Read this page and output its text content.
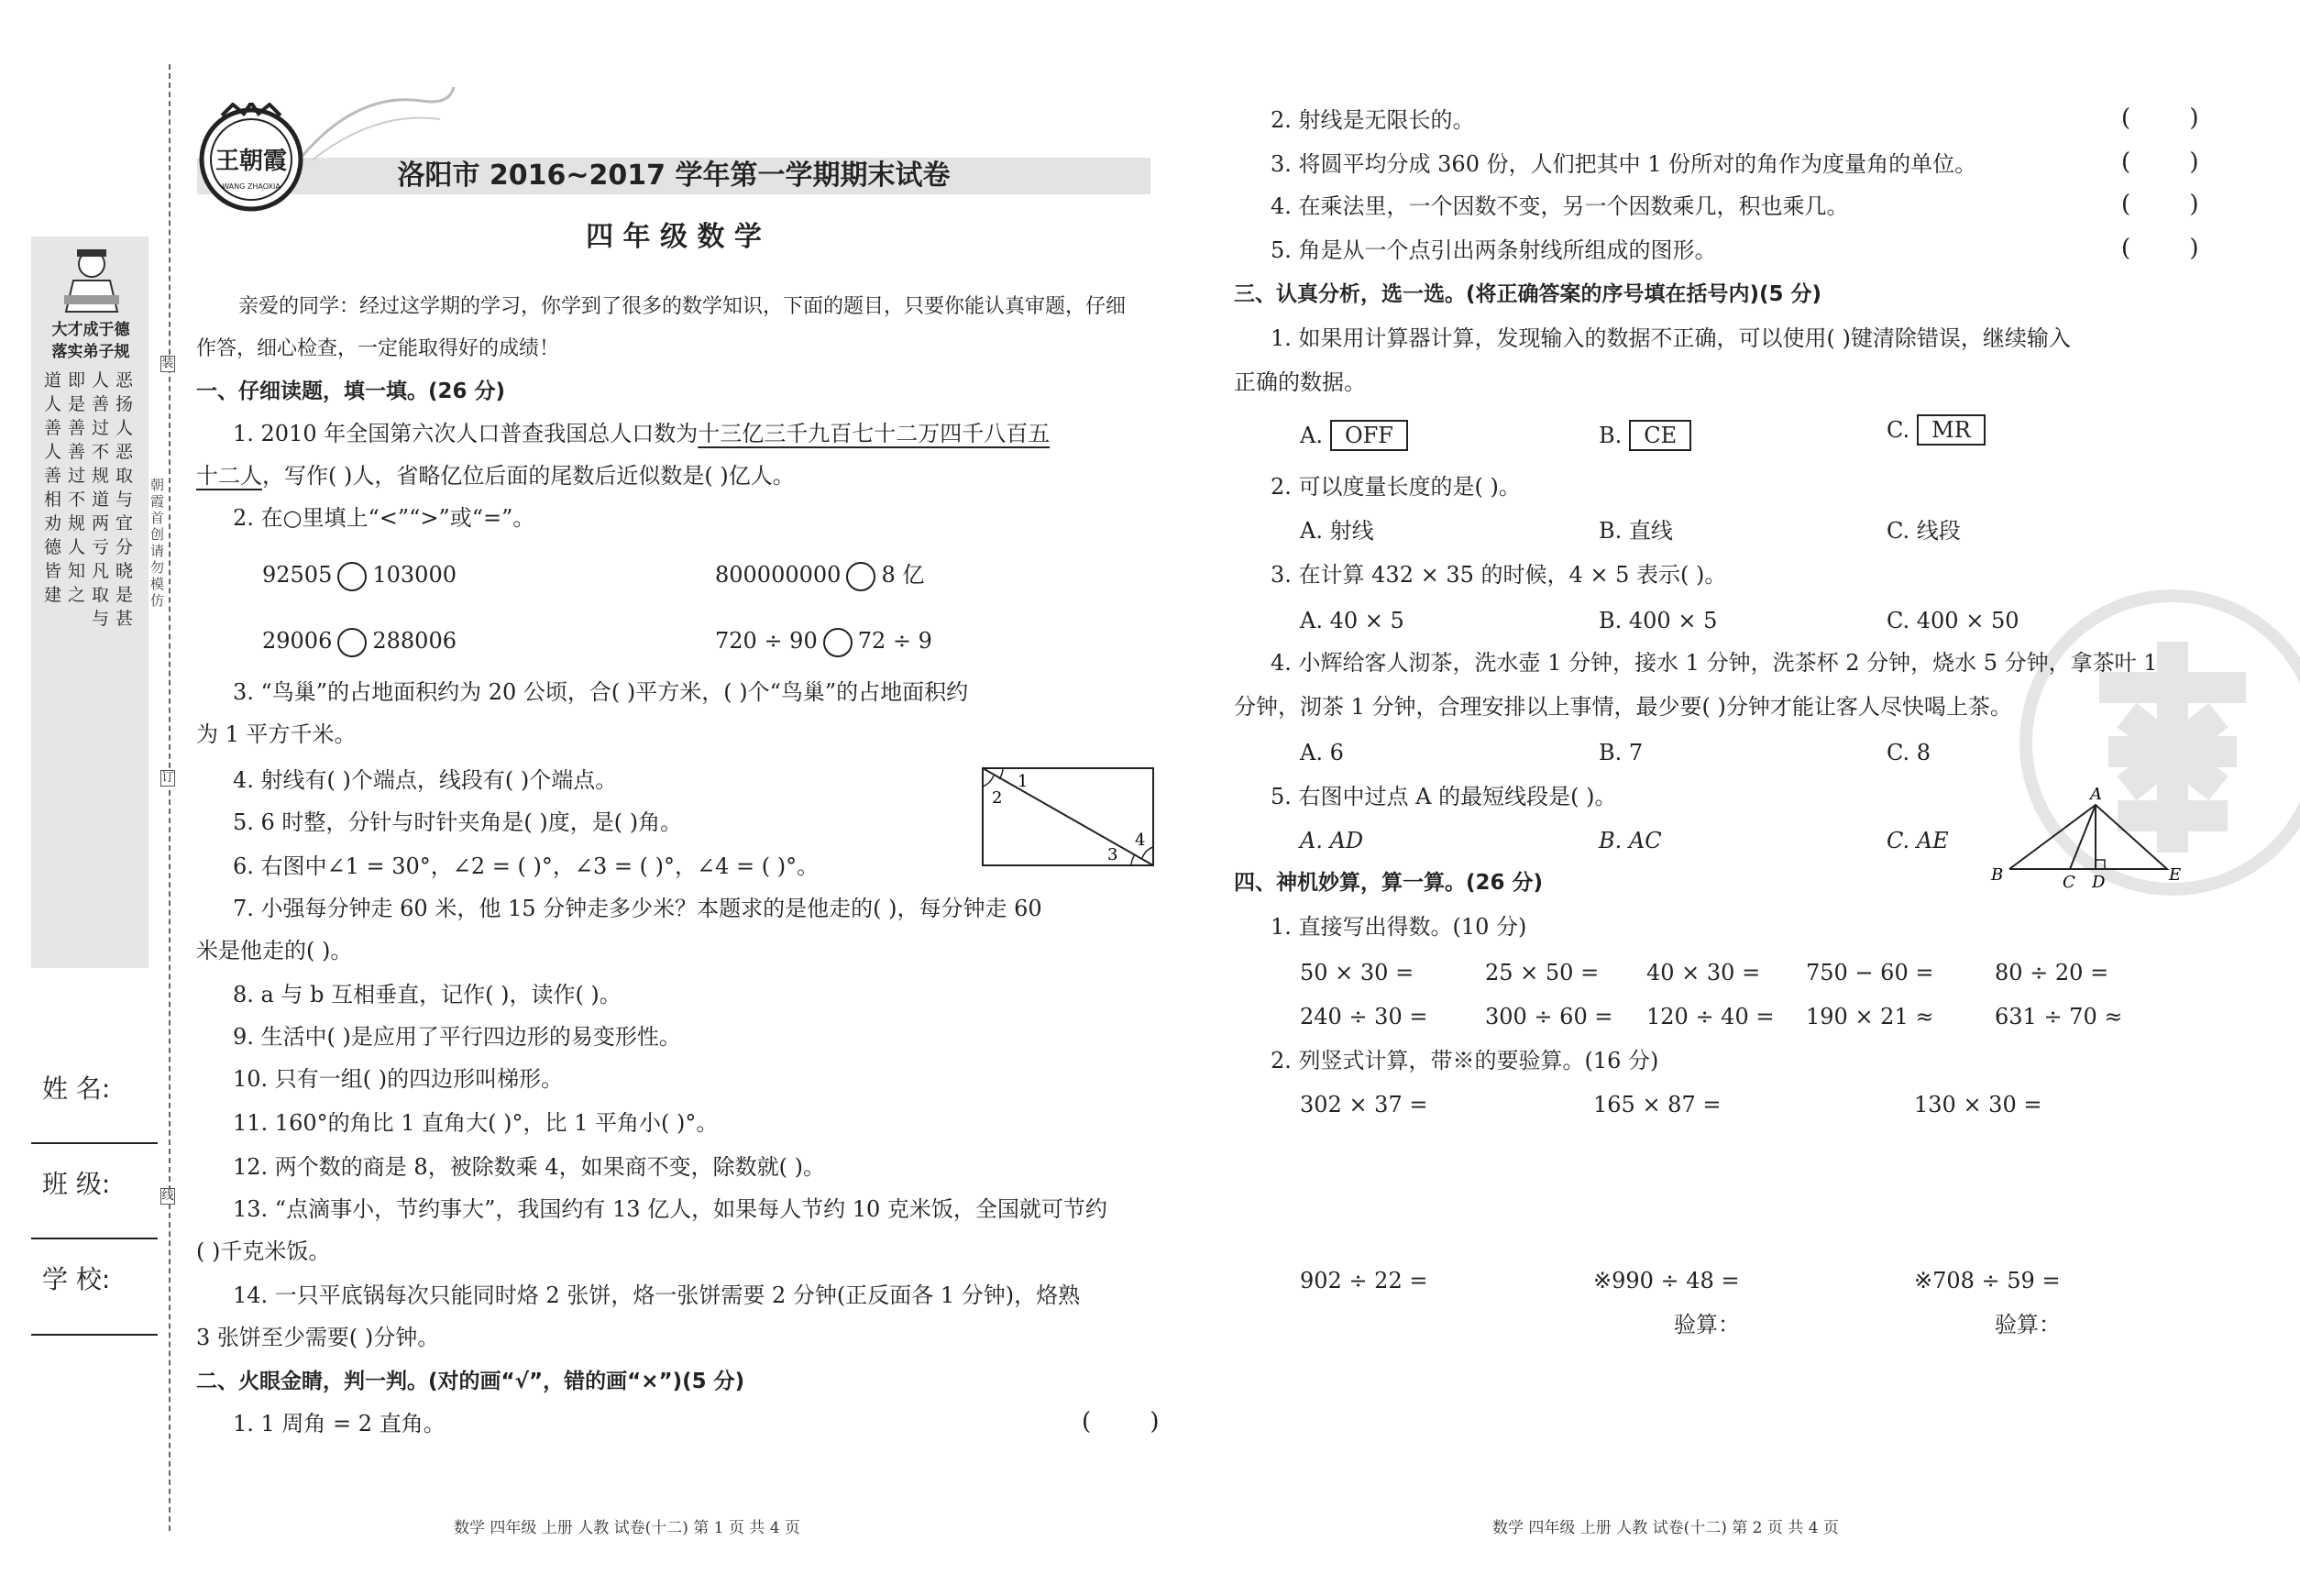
大才成于德
落实弟子规
道人善人善相劝德皆建
即是善善过不规人知之
人善过不规道两亏凡取与
恶扬人恶取与宜分晓是甚
姓 名:
班 级:
学 校:
装
订
线
朝霞首创 请勿模仿
王朝霞
WANG ZHAOXIA	洛阳市 2016~2017 学年第一学期期末试卷
四 年 级 数 学
亲爱的同学：经过这学期的学习，你学到了很多的数学知识，下面的题目，只要你能认真审题，仔细
作答，细心检查，一定能取得好的成绩！
一、仔细读题，填一填。(26 分)
1. 2010 年全国第六次人口普查我国总人口数为十三亿三千九百七十二万四千八百五
十二人，写作( )人，省略亿位后面的尾数后近似数是( )亿人。
2. 在○里填上“<”“>”或“=”。
92505 103000	800000000 8 亿
29006 288006	720 ÷ 90 72 ÷ 9
3. “鸟巢”的占地面积约为 20 公顷，合( )平方米，( )个“鸟巢”的占地面积约
为 1 平方千米。
4. 射线有( )个端点，线段有( )个端点。
5. 6 时整，分针与时针夹角是( )度，是( )角。
6. 右图中∠1 = 30°，∠2 = ( )°，∠3 = ( )°，∠4 = ( )°。
1
2
3
4
7. 小强每分钟走 60 米，他 15 分钟走多少米？本题求的是他走的( )，每分钟走 60
米是他走的( )。
8. a 与 b 互相垂直，记作( )，读作( )。
9. 生活中( )是应用了平行四边形的易变形性。
10. 只有一组( )的四边形叫梯形。
11. 160°的角比 1 直角大( )°，比 1 平角小( )°。
12. 两个数的商是 8，被除数乘 4，如果商不变，除数就( )。
13. “点滴事小，节约事大”，我国约有 13 亿人，如果每人节约 10 克米饭，全国就可节约
( )千克米饭。
14. 一只平底锅每次只能同时烙 2 张饼，烙一张饼需要 2 分钟(正反面各 1 分钟)，烙熟
3 张饼至少需要( )分钟。
二、火眼金睛，判一判。(对的画“√”，错的画“×”)(5 分)
1. 1 周角 = 2 直角。	( )
数学 四年级 上册 人教 试卷(十二) 第 1 页 共 4 页
2. 射线是无限长的。	( )
3. 将圆平均分成 360 份，人们把其中 1 份所对的角作为度量角的单位。	( )
4. 在乘法里，一个因数不变，另一个因数乘几，积也乘几。	( )
5. 角是从一个点引出两条射线所组成的图形。	( )
三、认真分析，选一选。(将正确答案的序号填在括号内)(5 分)
1. 如果用计算器计算，发现输入的数据不正确，可以使用( )键清除错误，继续输入
正确的数据。
A. OFF	B. CE	C. MR
2. 可以度量长度的是( )。
A. 射线	B. 直线	C. 线段
3. 在计算 432 × 35 的时候，4 × 5 表示( )。
A. 40 × 5	B. 400 × 5	C. 400 × 50
4. 小辉给客人沏茶，洗水壶 1 分钟，接水 1 分钟，洗茶杯 2 分钟，烧水 5 分钟，拿茶叶 1
分钟，沏茶 1 分钟，合理安排以上事情，最少要( )分钟才能让客人尽快喝上茶。
A. 6	B. 7	C. 8
5. 右图中过点 A 的最短线段是( )。
A. AD	B. AC	C. AE
A
B	C D	E
四、神机妙算，算一算。(26 分)
1. 直接写出得数。(10 分)
50 × 30 =	25 × 50 = 40 × 30 = 750 − 60 =	80 ÷ 20 =
240 ÷ 30 =	300 ÷ 60 = 120 ÷ 40 = 190 × 21 ≈	631 ÷ 70 ≈
2. 列竖式计算，带※的要验算。(16 分)
302 × 37 =	165 × 87 =	130 × 30 =
902 ÷ 22 =	※990 ÷ 48 =	※708 ÷ 59 =
验算：	验算：
数学 四年级 上册 人教 试卷(十二) 第 2 页 共 4 页
